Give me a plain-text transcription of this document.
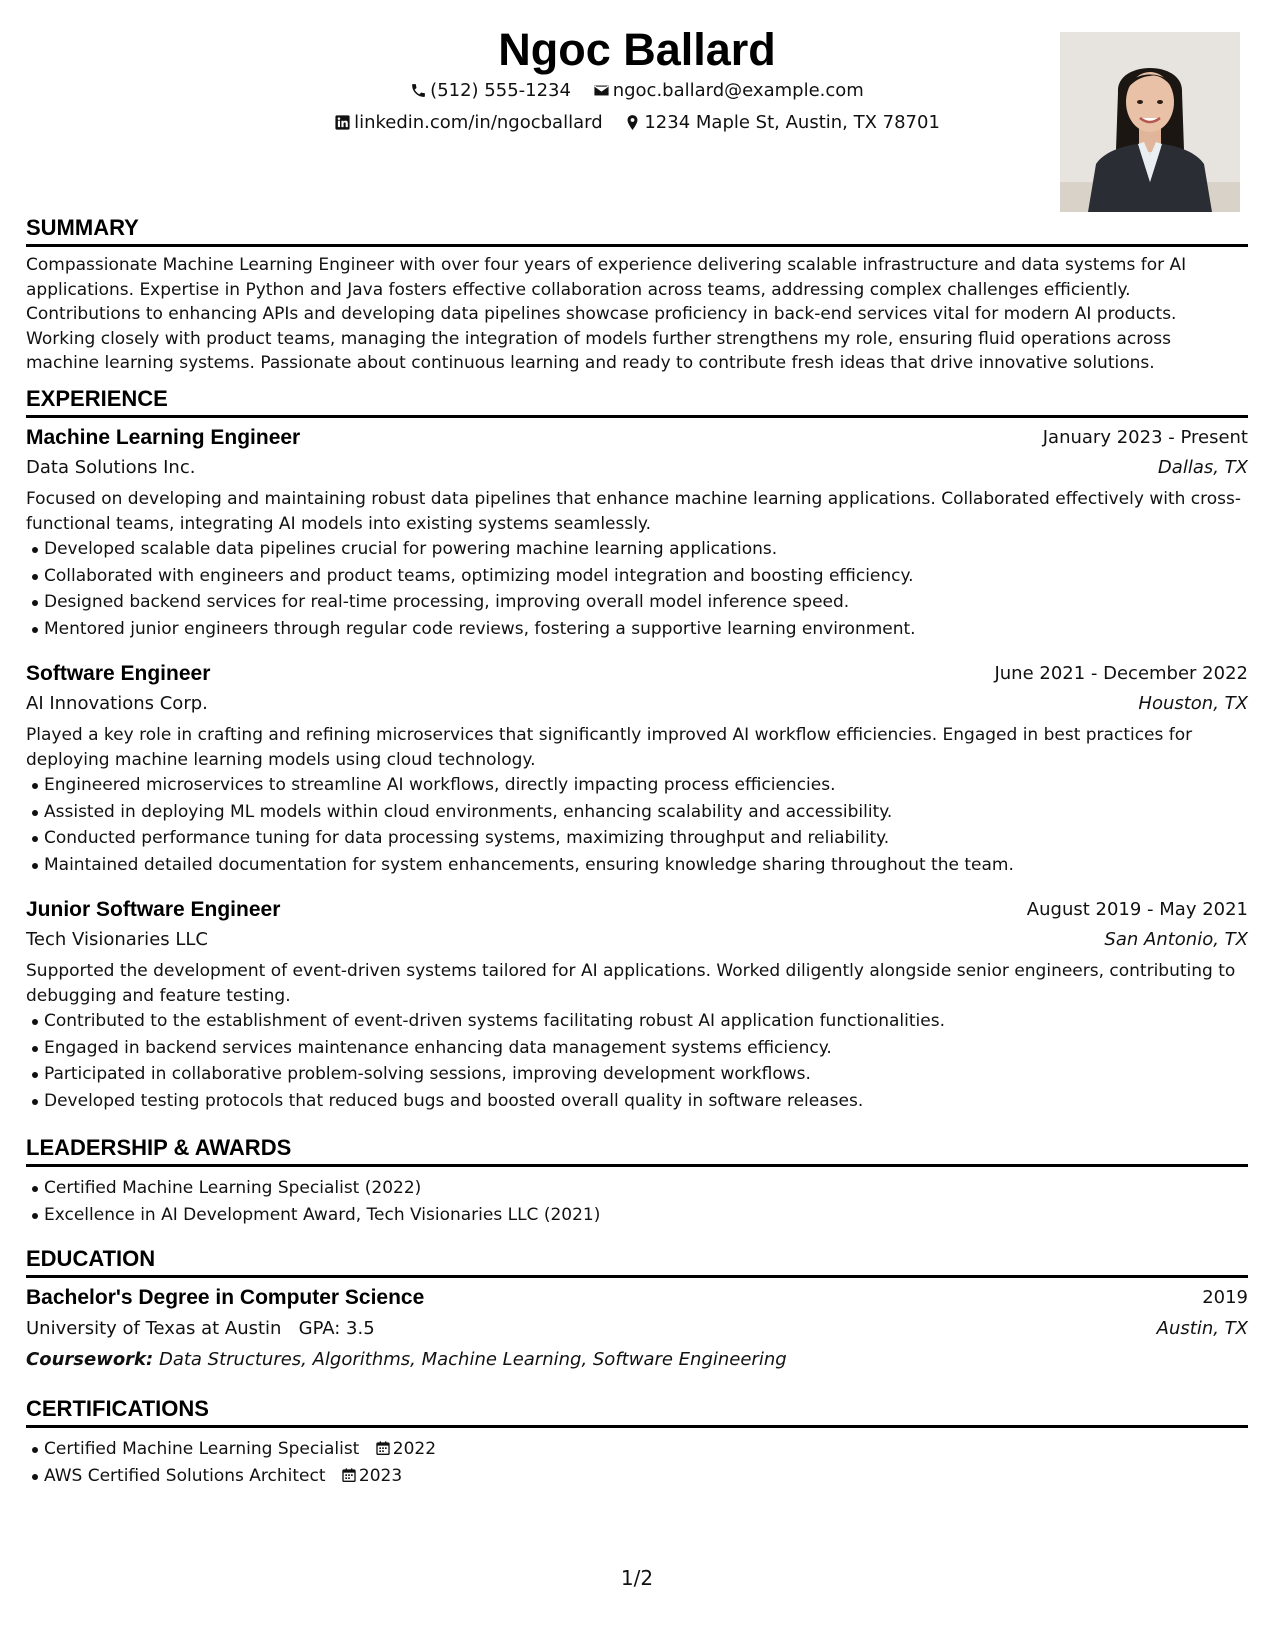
Ngoc Ballard
(512) 555-1234 ngoc.ballard@example.com
linkedin.com/in/ngocballard 1234 Maple St, Austin, TX 78701
SUMMARY

Compassionate Machine Learning Engineer with over four years of experience delivering scalable infrastructure and data systems for AI applications. Expertise in Python and Java fosters effective collaboration across teams, addressing complex challenges efficiently. Contributions to enhancing APIs and developing data pipelines showcase proficiency in back-end services vital for modern AI products. Working closely with product teams, managing the integration of models further strengthens my role, ensuring fluid operations across machine learning systems. Passionate about continuous learning and ready to contribute fresh ideas that drive innovative solutions.

EXPERIENCE
Machine Learning Engineer	January 2023 - Present
Data Solutions Inc.	Dallas, TX

Focused on developing and maintaining robust data pipelines that enhance machine learning applications. Collaborated effectively with cross-functional teams, integrating AI models into existing systems seamlessly.

Developed scalable data pipelines crucial for powering machine learning applications.
Collaborated with engineers and product teams, optimizing model integration and boosting efficiency.
Designed backend services for real-time processing, improving overall model inference speed.
Mentored junior engineers through regular code reviews, fostering a supportive learning environment.
Software Engineer	June 2021 - December 2022
AI Innovations Corp.	Houston, TX

Played a key role in crafting and refining microservices that significantly improved AI workflow efficiencies. Engaged in best practices for deploying machine learning models using cloud technology.

Engineered microservices to streamline AI workflows, directly impacting process efficiencies.
Assisted in deploying ML models within cloud environments, enhancing scalability and accessibility.
Conducted performance tuning for data processing systems, maximizing throughput and reliability.
Maintained detailed documentation for system enhancements, ensuring knowledge sharing throughout the team.
Junior Software Engineer	August 2019 - May 2021
Tech Visionaries LLC	San Antonio, TX

Supported the development of event-driven systems tailored for AI applications. Worked diligently alongside senior engineers, contributing to debugging and feature testing.

Contributed to the establishment of event-driven systems facilitating robust AI application functionalities.
Engaged in backend services maintenance enhancing data management systems efficiency.
Participated in collaborative problem-solving sessions, improving development workflows.
Developed testing protocols that reduced bugs and boosted overall quality in software releases.
LEADERSHIP & AWARDS
Certified Machine Learning Specialist (2022)
Excellence in AI Development Award, Tech Visionaries LLC (2021)
EDUCATION
Bachelor's Degree in Computer Science	2019
University of Texas at Austin GPA: 3.5	Austin, TX
Coursework: Data Structures, Algorithms, Machine Learning, Software Engineering
CERTIFICATIONS
Certified Machine Learning Specialist 2022
AWS Certified Solutions Architect 2023
1/2
